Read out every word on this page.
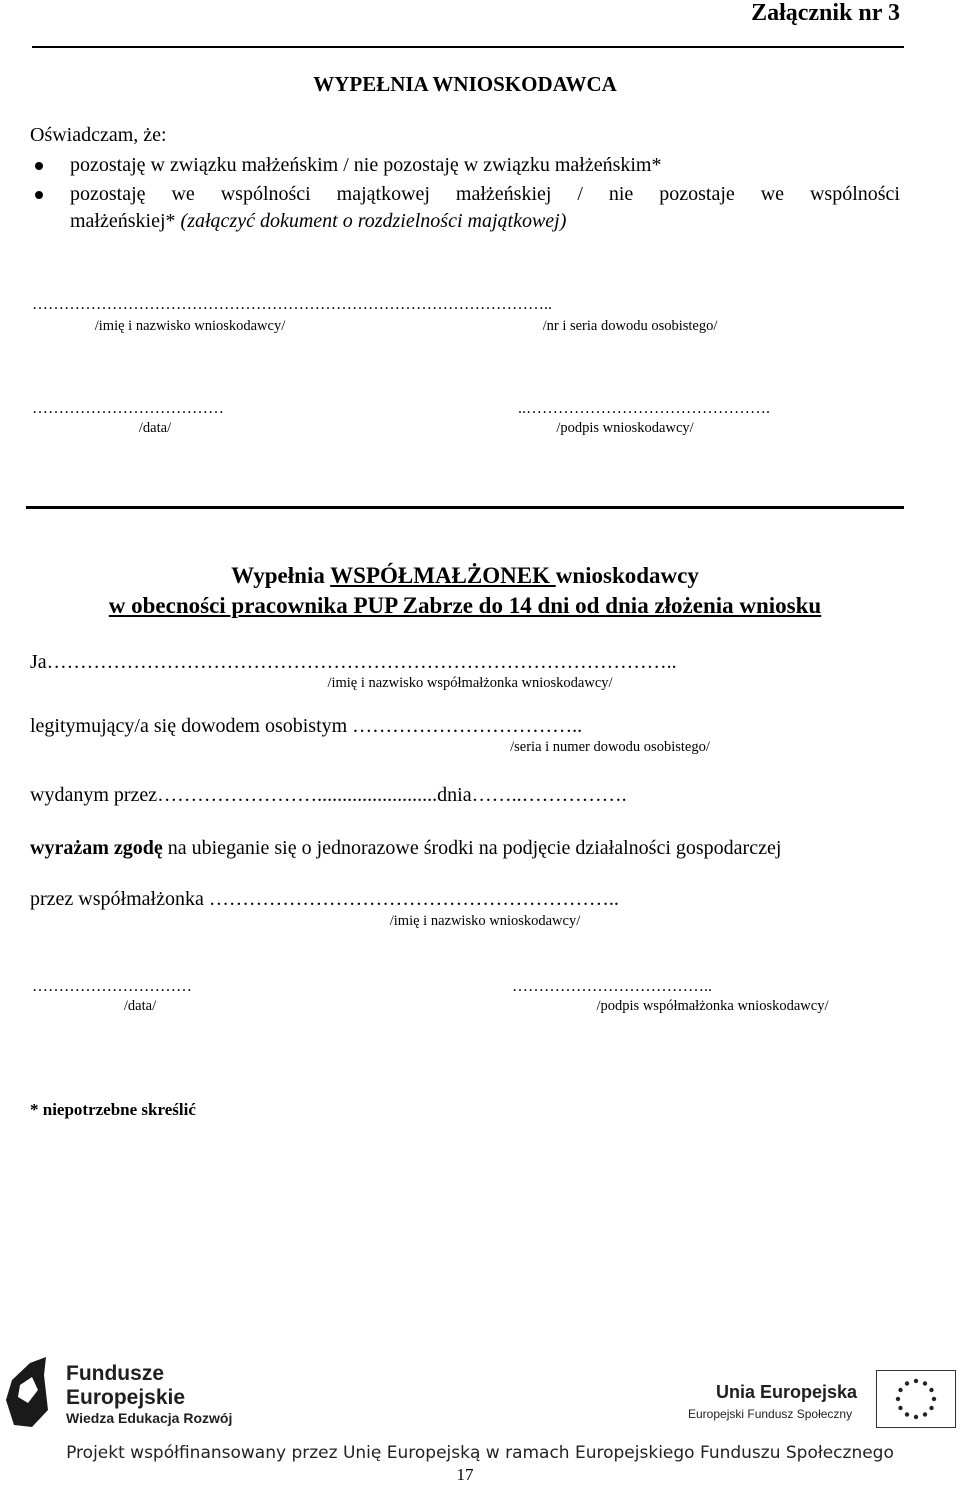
Załącznik nr 3
WYPEŁNIA WNIOSKODAWCA
Oświadczam, że:
pozostaję w związku małżeńskim / nie pozostaję w związku małżeńskim*
pozostaję we wspólności majątkowej małżeńskiej / nie pozostaje we wspólności
małżeńskiej* (załączyć dokument o rozdzielności majątkowej)
……………………………………………………………………………………..
/imię i nazwisko wnioskodawcy/	/nr i seria dowodu osobistego/
………………………………	..……………………………………….
/data/	/podpis wnioskodawcy/
Wypełnia WSPÓŁMAŁŻONEK wnioskodawcy
w obecności pracownika PUP Zabrze do 14 dni od dnia złożenia wniosku
Ja…………………………………………………………………………………..
/imię i nazwisko współmałżonka wnioskodawcy/
legitymujący/a się dowodem osobistym ……………………………..
/seria i numer dowodu osobistego/
wydanym przez……………………........................dnia……..…………….
wyrażam zgodę na ubieganie się o jednorazowe środki na podjęcie działalności gospodarczej
przez współmałżonka ……………………………………………………..
/imię i nazwisko wnioskodawcy/
…………………………	………………………………..
/data/	/podpis współmałżonka wnioskodawcy/
* niepotrzebne skreślić
Fundusze
Europejskie
Wiedza Edukacja Rozwój
Unia Europejska
Europejski Fundusz Społeczny
Projekt współfinansowany przez Unię Europejską w ramach Europejskiego Funduszu Społecznego
17
